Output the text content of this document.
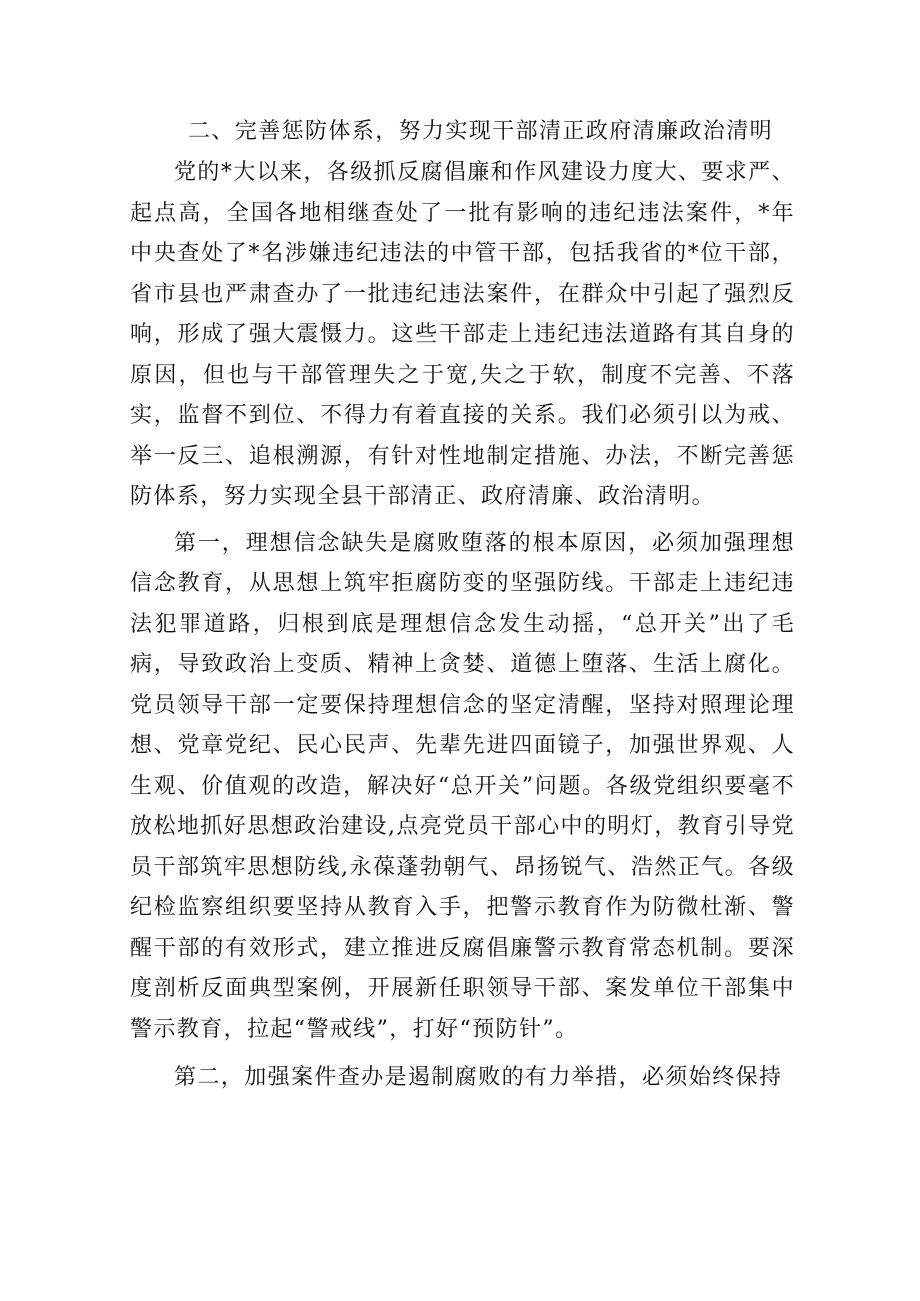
二、完善惩防体系，努力实现干部清正政府清廉政治清明

党的*大以来，各级抓反腐倡廉和作风建设力度大、要求严、起点高，全国各地相继查处了一批有影响的违纪违法案件，*年中央查处了*名涉嫌违纪违法的中管干部，包括我省的*位干部，省市县也严肃查办了一批违纪违法案件，在群众中引起了强烈反响，形成了强大震慑力。这些干部走上违纪违法道路有其自身的原因，但也与干部管理失之于宽,失之于软，制度不完善、不落实，监督不到位、不得力有着直接的关系。我们必须引以为戒、举一反三、追根溯源，有针对性地制定措施、办法，不断完善惩防体系，努力实现全县干部清正、政府清廉、政治清明。

第一，理想信念缺失是腐败堕落的根本原因，必须加强理想信念教育，从思想上筑牢拒腐防变的坚强防线。干部走上违纪违法犯罪道路，归根到底是理想信念发生动摇，“总开关”出了毛病，导致政治上变质、精神上贪婪、道德上堕落、生活上腐化。党员领导干部一定要保持理想信念的坚定清醒，坚持对照理论理想、党章党纪、民心民声、先辈先进四面镜子，加强世界观、人生观、价值观的改造，解决好“总开关”问题。各级党组织要毫不放松地抓好思想政治建设,点亮党员干部心中的明灯，教育引导党员干部筑牢思想防线,永葆蓬勃朝气、昂扬锐气、浩然正气。各级纪检监察组织要坚持从教育入手，把警示教育作为防微杜渐、警醒干部的有效形式，建立推进反腐倡廉警示教育常态机制。要深度剖析反面典型案例，开展新任职领导干部、案发单位干部集中警示教育，拉起“警戒线”，打好“预防针”。

第二，加强案件查办是遏制腐败的有力举措，必须始终保持
